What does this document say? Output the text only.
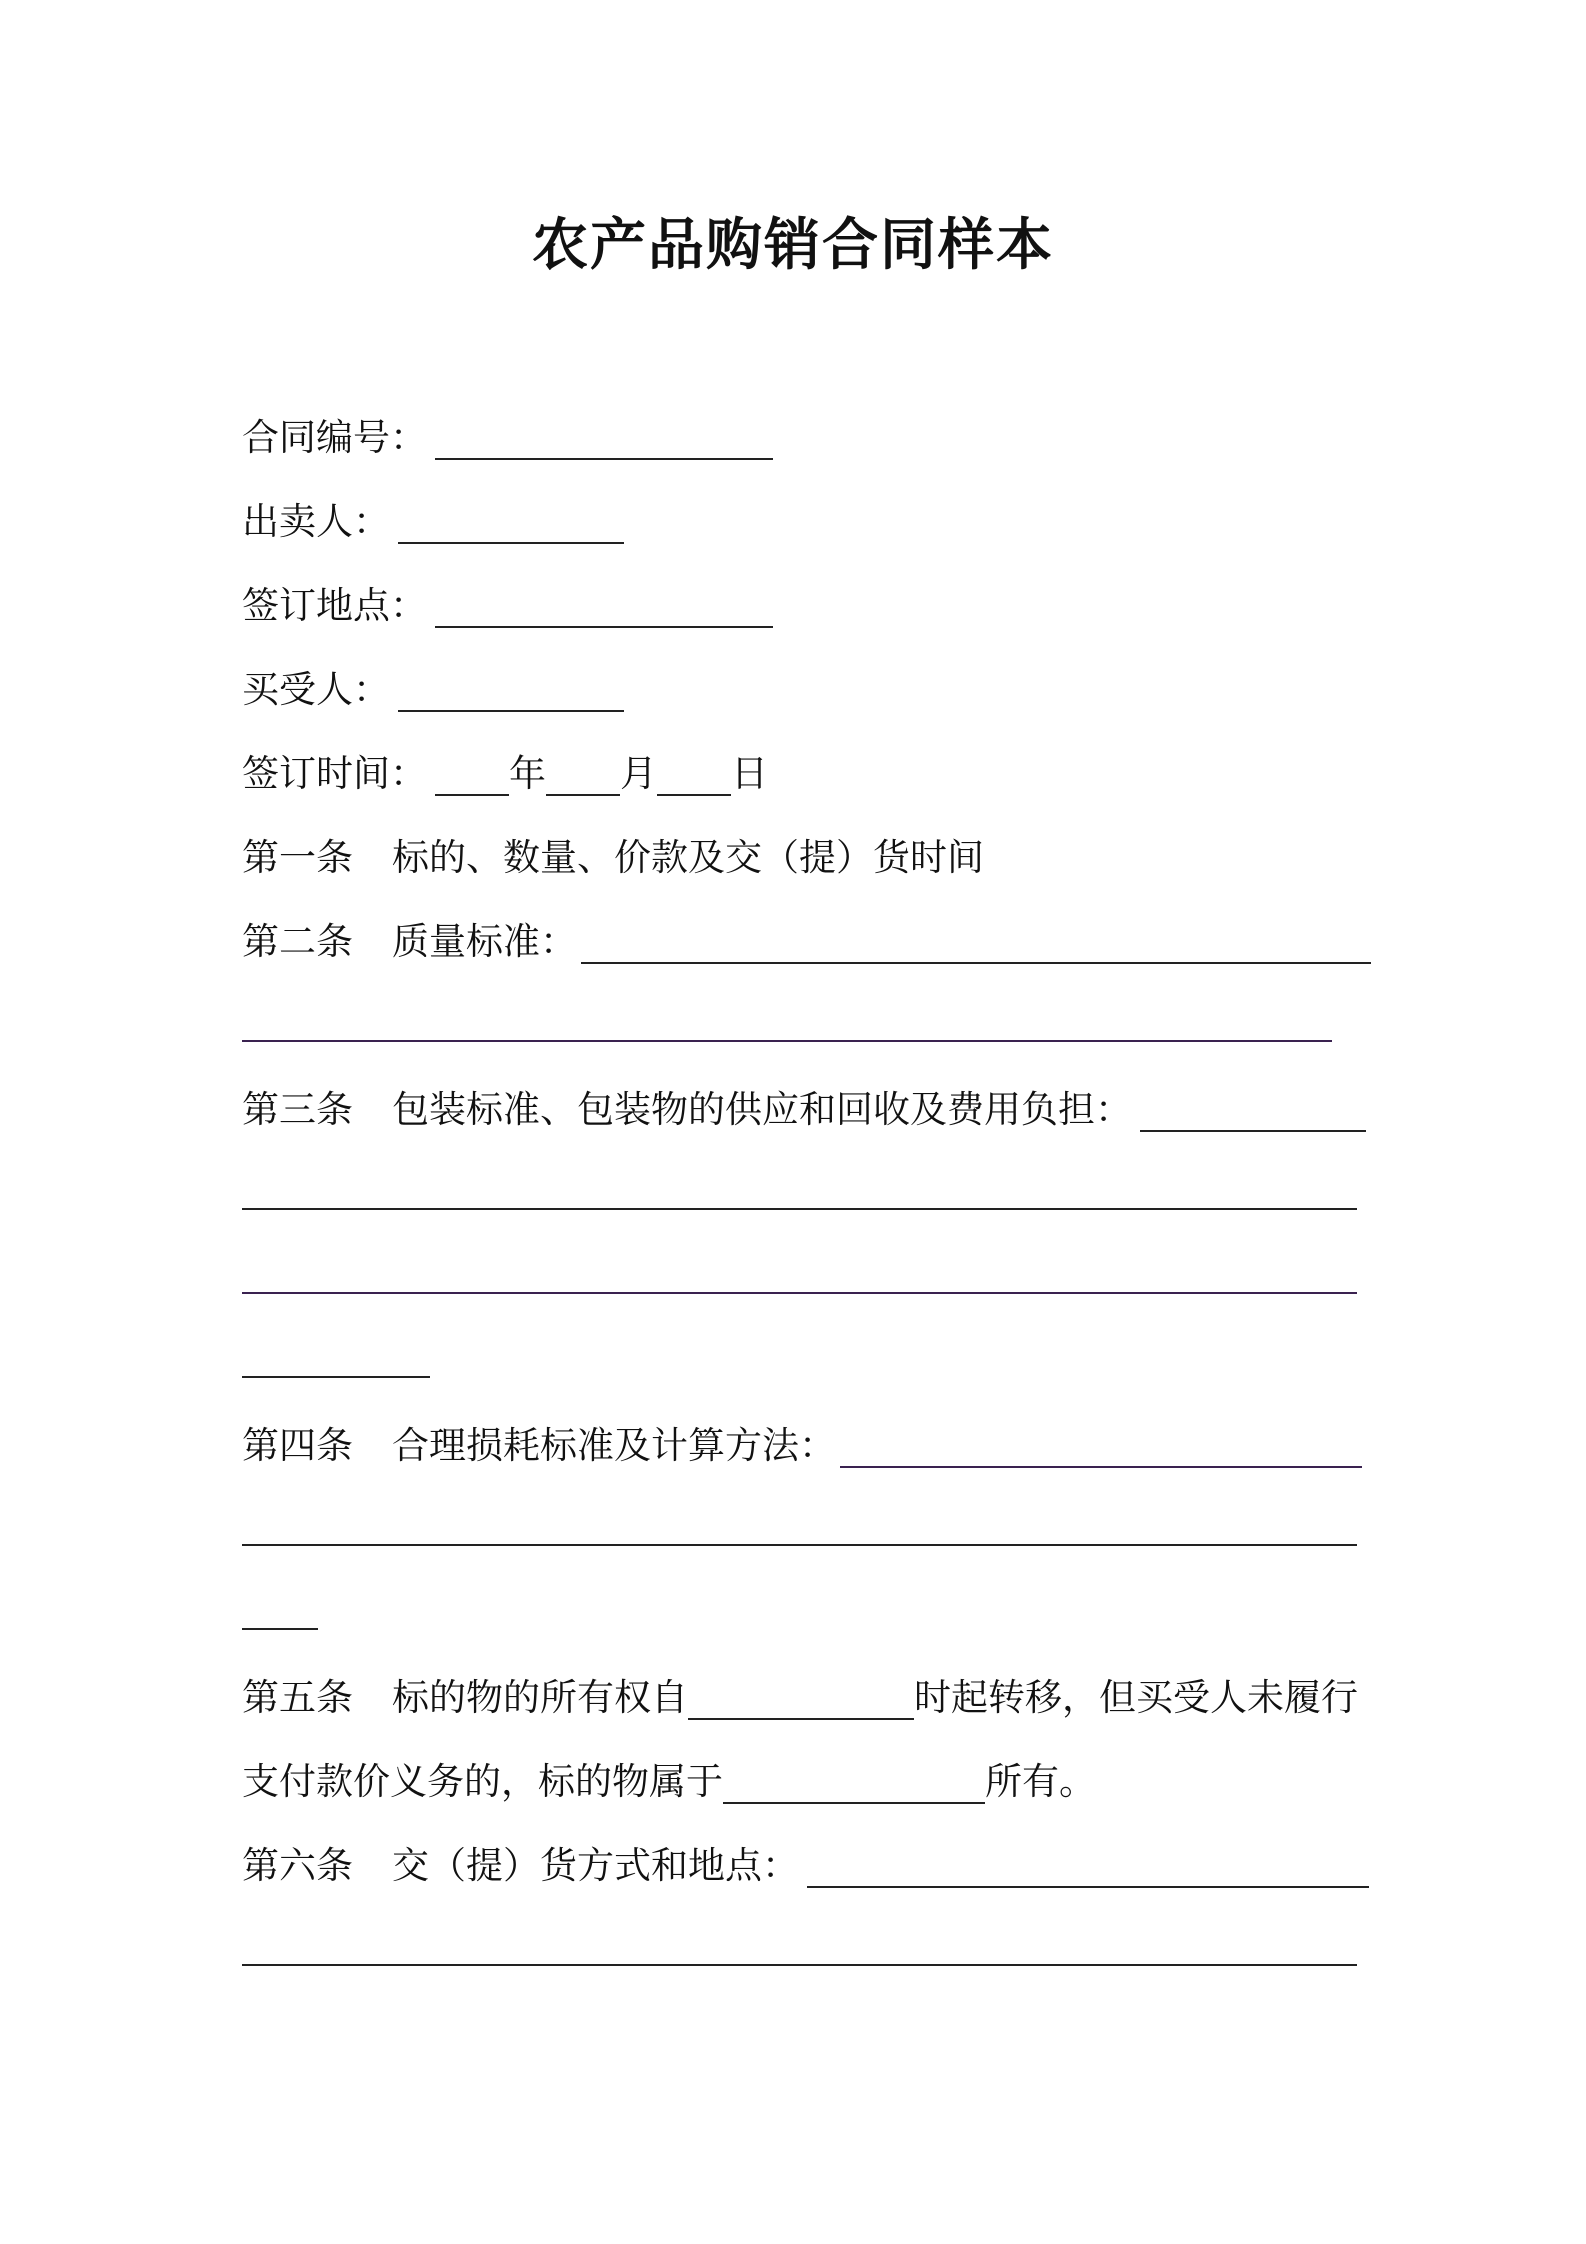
农产品购销合同样本
合同编号：
出卖人：
签订地点：
买受人：
签订时间： 年 月 日
第一条	标的、数量、价款及交（提）货时间
第二条	质量标准：
第三条	包装标准、包装物的供应和回收及费用负担：
第四条	合理损耗标准及计算方法：
第五条	标的物的所有权自	时起转移，但买受人未履行
支付款价义务的，标的物属于	所有。
第六条	交（提）货方式和地点：
